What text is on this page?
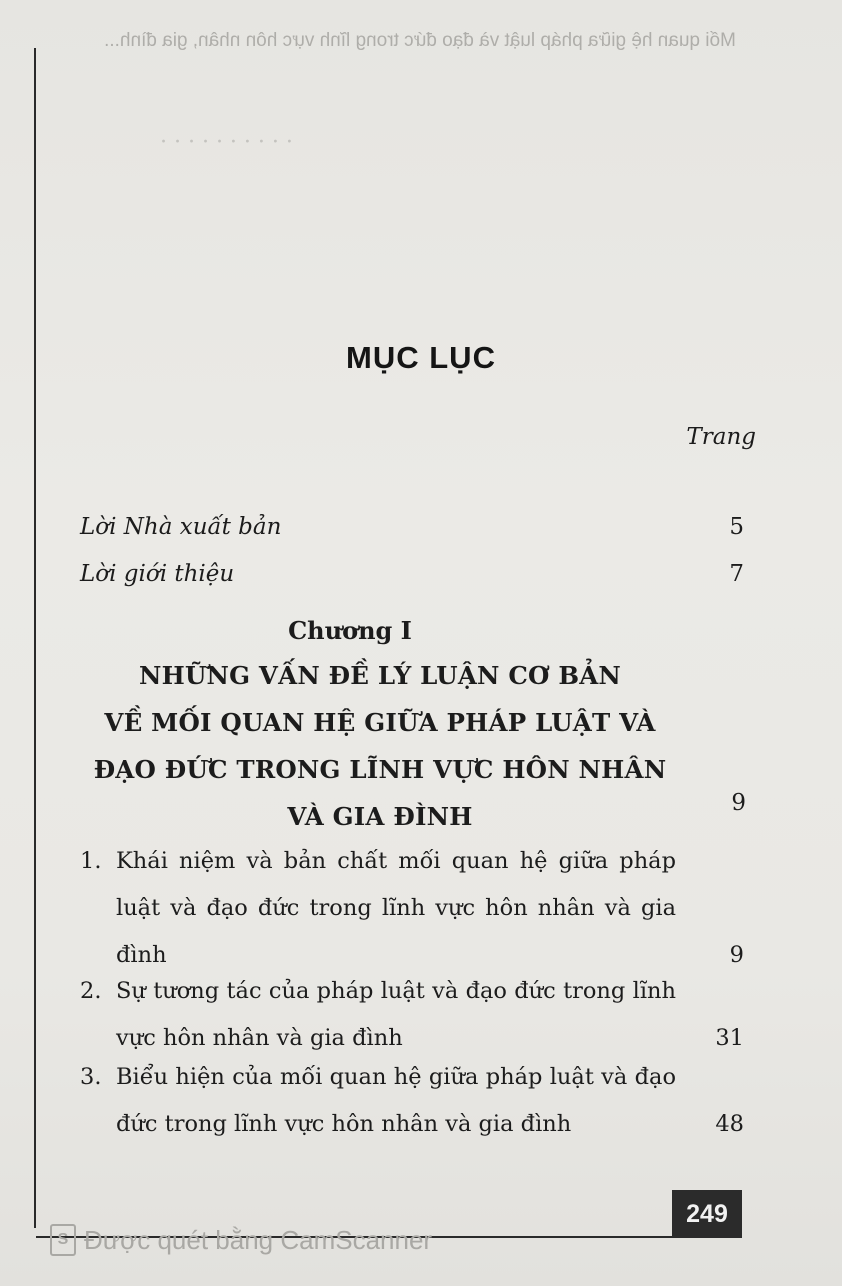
Mối quan hệ giữa pháp luật và đạo đức trong lĩnh vực hôn nhân, gia đình...
· · · · · · · · · ·
MỤC LỤC
Trang
Lời Nhà xuất bản	5
Lời giới thiệu	7
Chương I
NHỮNG VẤN ĐỀ LÝ LUẬN CƠ BẢN
VỀ MỐI QUAN HỆ GIỮA PHÁP LUẬT VÀ
ĐẠO ĐỨC TRONG LĨNH VỰC HÔN NHÂN
VÀ GIA ĐÌNH	9
1. Khái niệm và bản chất mối quan hệ giữa pháp luật và đạo đức trong lĩnh vực hôn nhân và gia đình	9
2. Sự tương tác của pháp luật và đạo đức trong lĩnh vực hôn nhân và gia đình	31
3. Biểu hiện của mối quan hệ giữa pháp luật và đạo đức trong lĩnh vực hôn nhân và gia đình	48
249
S Được quét bằng CamScanner
